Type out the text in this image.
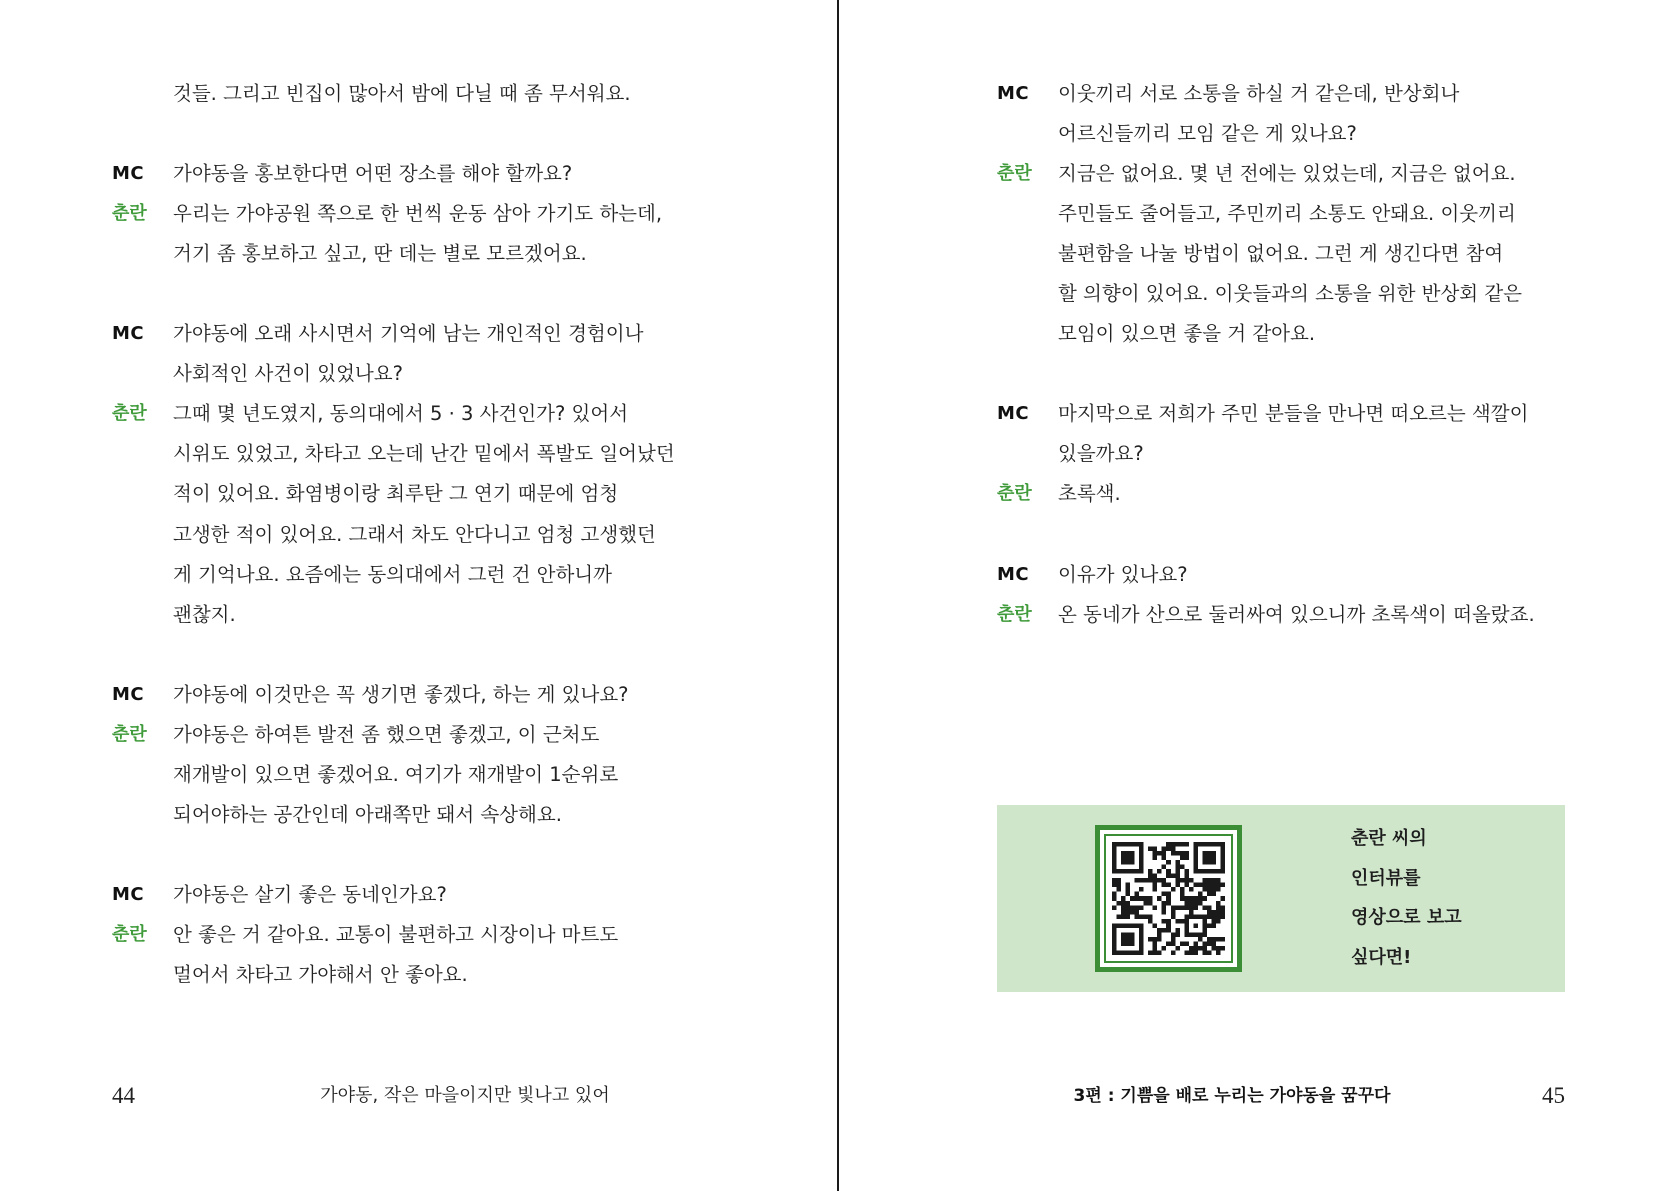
것들. 그리고 빈집이 많아서 밤에 다닐 때 좀 무서워요.
MC 가야동을 홍보한다면 어떤 장소를 해야 할까요?
춘란 우리는 가야공원 쪽으로 한 번씩 운동 삼아 가기도 하는데,
거기 좀 홍보하고 싶고, 딴 데는 별로 모르겠어요.
MC 가야동에 오래 사시면서 기억에 남는 개인적인 경험이나
사회적인 사건이 있었나요?
춘란 그때 몇 년도였지, 동의대에서 5 · 3 사건인가? 있어서
시위도 있었고, 차타고 오는데 난간 밑에서 폭발도 일어났던
적이 있어요. 화염병이랑 최루탄 그 연기 때문에 엄청
고생한 적이 있어요. 그래서 차도 안다니고 엄청 고생했던
게 기억나요. 요즘에는 동의대에서 그런 건 안하니까
괜찮지.
MC 가야동에 이것만은 꼭 생기면 좋겠다, 하는 게 있나요?
춘란 가야동은 하여튼 발전 좀 했으면 좋겠고, 이 근처도
재개발이 있으면 좋겠어요. 여기가 재개발이 1순위로
되어야하는 공간인데 아래쪽만 돼서 속상해요.
MC 가야동은 살기 좋은 동네인가요?
춘란 안 좋은 거 같아요. 교통이 불편하고 시장이나 마트도
멀어서 차타고 가야해서 안 좋아요.
44	가야동, 작은 마을이지만 빛나고 있어
MC 이웃끼리 서로 소통을 하실 거 같은데, 반상회나
어르신들끼리 모임 같은 게 있나요?
춘란 지금은 없어요. 몇 년 전에는 있었는데, 지금은 없어요.
주민들도 줄어들고, 주민끼리 소통도 안돼요. 이웃끼리
불편함을 나눌 방법이 없어요. 그런 게 생긴다면 참여
할 의향이 있어요. 이웃들과의 소통을 위한 반상회 같은
모임이 있으면 좋을 거 같아요.
MC 마지막으로 저희가 주민 분들을 만나면 떠오르는 색깔이
있을까요?
춘란 초록색.
MC 이유가 있나요?
춘란 온 동네가 산으로 둘러싸여 있으니까 초록색이 떠올랐죠.
춘란 씨의
인터뷰를
영상으로 보고
싶다면!
3편 : 기쁨을 배로 누리는 가야동을 꿈꾸다	45
